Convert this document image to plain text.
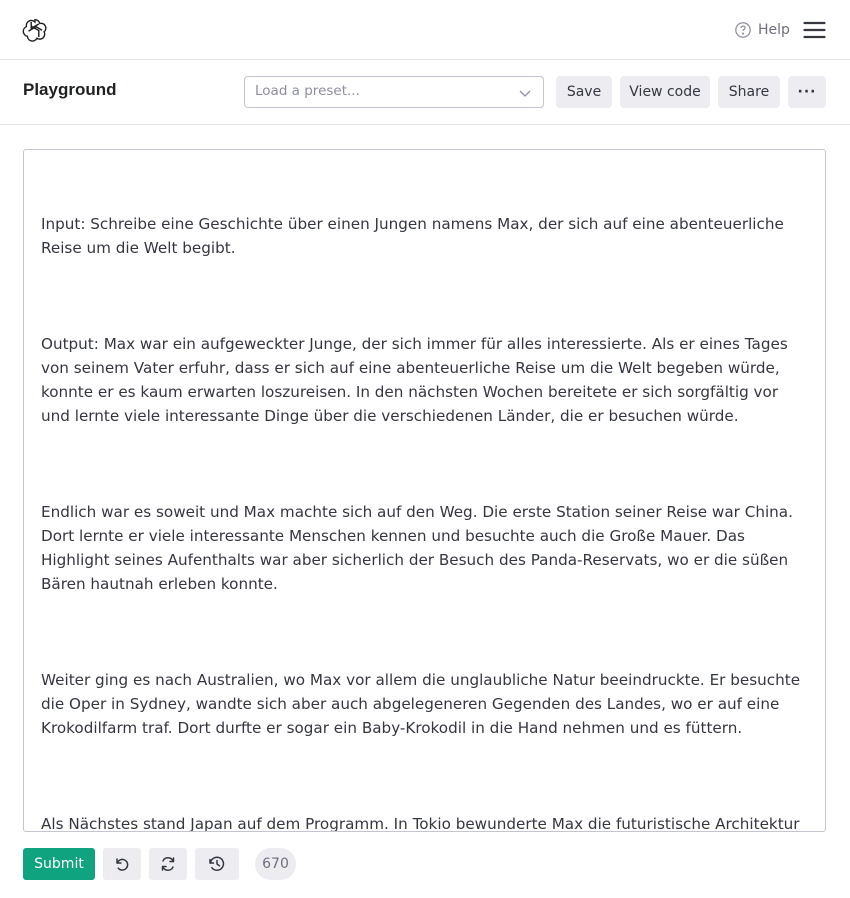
Help
Playground	Load a preset...	Save	View code	Share	···

Input: Schreibe eine Geschichte über einen Jungen namens Max, der sich auf eine abenteuerliche Reise um die Welt begibt.

Output: Max war ein aufgeweckter Junge, der sich immer für alles interessierte. Als er eines Tages von seinem Vater erfuhr, dass er sich auf eine abenteuerliche Reise um die Welt begeben würde, konnte er es kaum erwarten loszureisen. In den nächsten Wochen bereitete er sich sorgfältig vor und lernte viele interessante Dinge über die verschiedenen Länder, die er besuchen würde.

Endlich war es soweit und Max machte sich auf den Weg. Die erste Station seiner Reise war China. Dort lernte er viele interessante Menschen kennen und besuchte auch die Große Mauer. Das Highlight seines Aufenthalts war aber sicherlich der Besuch des Panda-Reservats, wo er die süßen Bären hautnah erleben konnte.

Weiter ging es nach Australien, wo Max vor allem die unglaubliche Natur beeindruckte. Er besuchte die Oper in Sydney, wandte sich aber auch abgelegeneren Gegenden des Landes, wo er auf eine Krokodilfarm traf. Dort durfte er sogar ein Baby-Krokodil in die Hand nehmen und es füttern.

Als Nächstes stand Japan auf dem Programm. In Tokio bewunderte Max die futuristische Architektur

Submit	670
